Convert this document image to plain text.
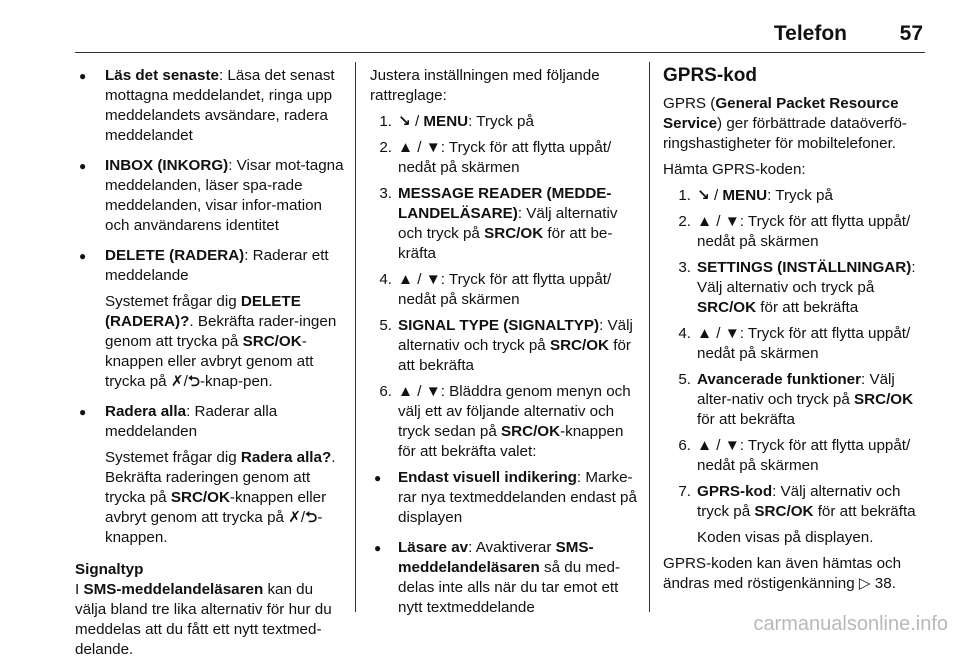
Telefon	57
● Läs det senaste: Läsa det senast mottagna meddelandet, ringa upp meddelandets avsändare, radera meddelandet
● INBOX (INKORG): Visar mot-tagna meddelanden, läser spa-rade meddelanden, visar infor-mation och användarens identitet
● DELETE (RADERA): Raderar ett meddelande

Systemet frågar dig DELETE (RADERA)?. Bekräfta rader-ingen genom att trycka på SRC/OK-knappen eller avbryt genom att trycka på ✗/⮌-knap-pen.

● Radera alla: Raderar alla meddelanden

Systemet frågar dig Radera alla?. Bekräfta raderingen genom att trycka på SRC/OK-knappen eller avbryt genom att trycka på ✗/⮌-knappen.

Signaltyp

I SMS-meddelandeläsaren kan du välja bland tre lika alternativ för hur du meddelas att du fått ett nytt textmed-delande.

Justera inställningen med följande rattreglage:

1. ↘ / MENU: Tryck på
2. ▲ / ▼: Tryck för att flytta uppåt/ nedåt på skärmen
3. MESSAGE READER (MEDDE-LANDELÄSARE): Välj alternativ och tryck på SRC/OK för att be-kräfta
4. ▲ / ▼: Tryck för att flytta uppåt/ nedåt på skärmen
5. SIGNAL TYPE (SIGNALTYP): Välj alternativ och tryck på SRC/OK för att bekräfta
6. ▲ / ▼: Bläddra genom menyn och välj ett av följande alternativ och tryck sedan på SRC/OK-knappen för att bekräfta valet:
● Endast visuell indikering: Marke-rar nya textmeddelanden endast på displayen
● Läsare av: Avaktiverar SMS-meddelandeläsaren så du med-delas inte alls när du tar emot ett nytt textmeddelande

GPRS-kod

GPRS (General Packet Resource Service) ger förbättrade dataöverfö-ringshastigheter för mobiltelefoner.

Hämta GPRS-koden:

1. ↘ / MENU: Tryck på
2. ▲ / ▼: Tryck för att flytta uppåt/ nedåt på skärmen
3. SETTINGS (INSTÄLLNINGAR): Välj alternativ och tryck på SRC/OK för att bekräfta
4. ▲ / ▼: Tryck för att flytta uppåt/ nedåt på skärmen
5. Avancerade funktioner: Välj alter-nativ och tryck på SRC/OK för att bekräfta
6. ▲ / ▼: Tryck för att flytta uppåt/ nedåt på skärmen
7. GPRS-kod: Välj alternativ och tryck på SRC/OK för att bekräfta

Koden visas på displayen.

GPRS-koden kan även hämtas och ändras med röstigenkänning ▷ 38.

carmanualsonline.info
